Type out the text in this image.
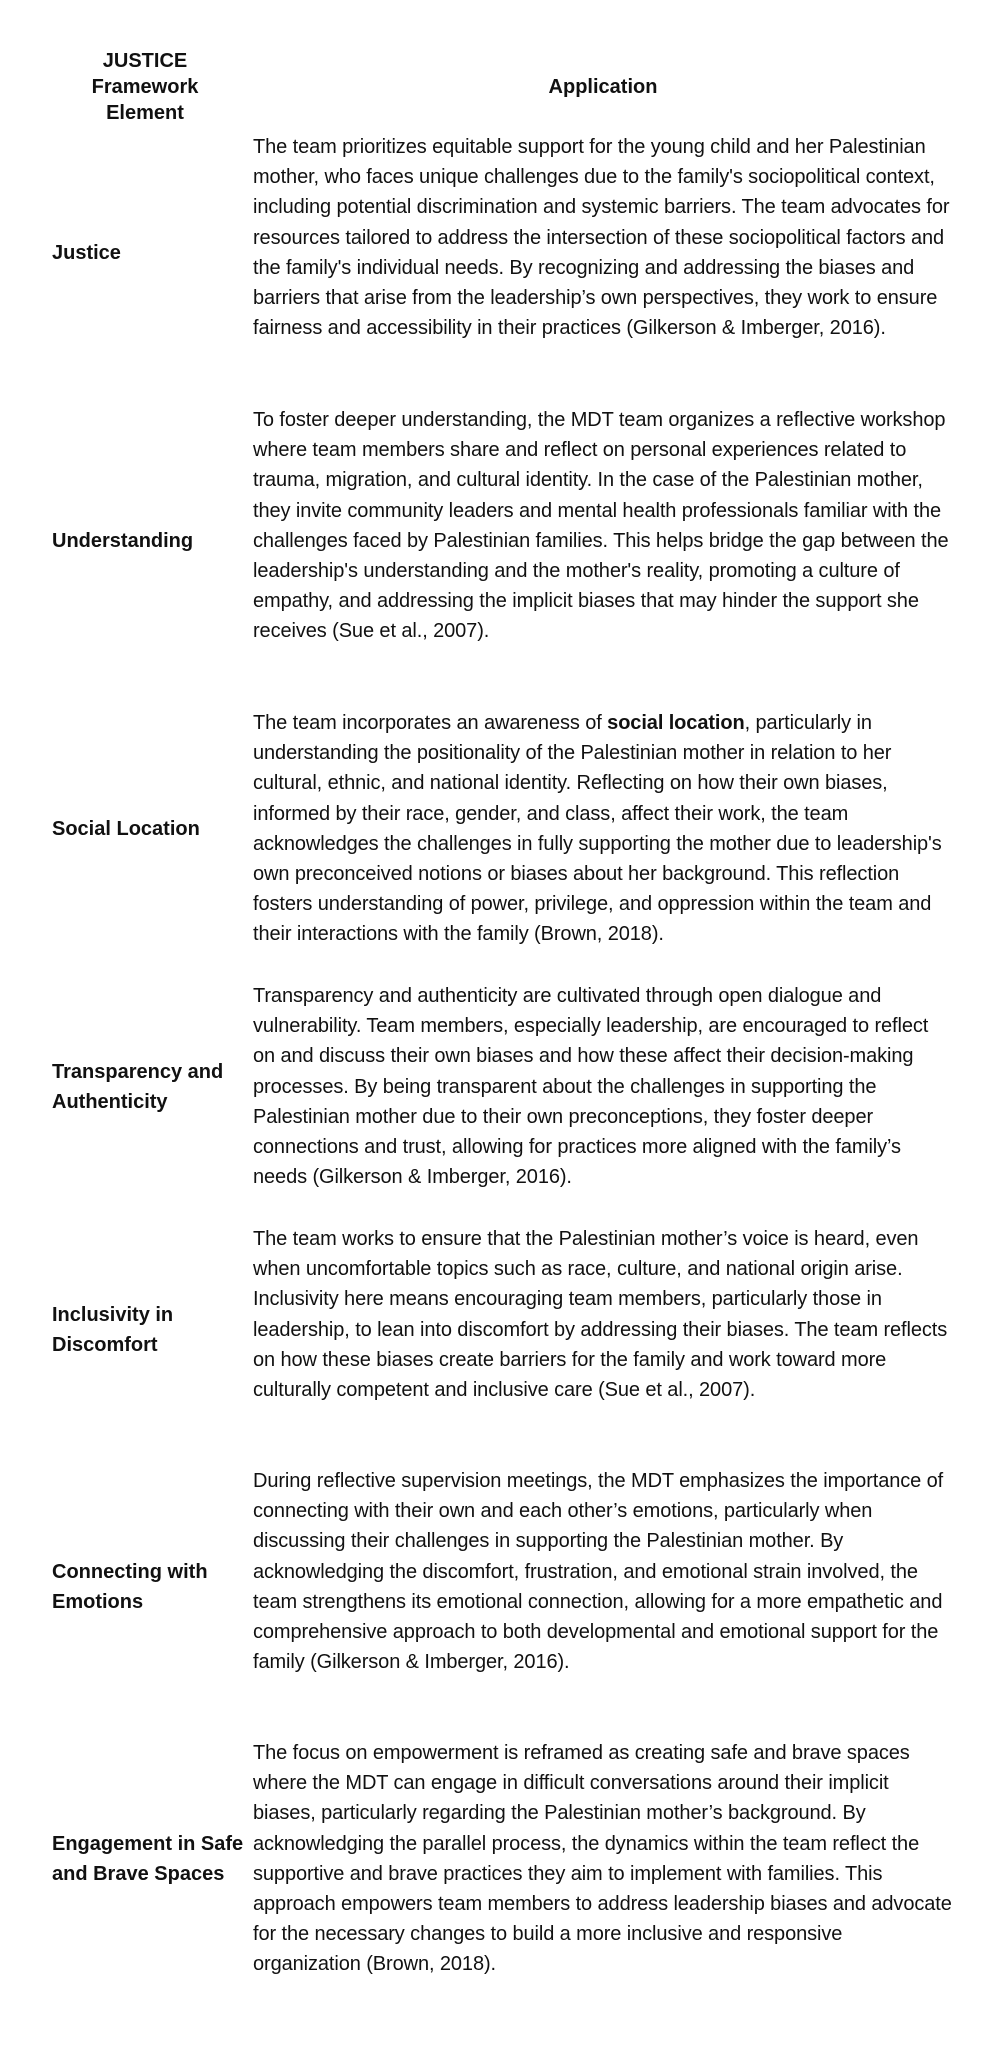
JUSTICE
Framework
Element
Application
Justice

The team prioritizes equitable support for the young child and her Palestinian mother, who faces unique challenges due to the family's sociopolitical context, including potential discrimination and systemic barriers. The team advocates for resources tailored to address the intersection of these sociopolitical factors and the family's individual needs. By recognizing and addressing the biases and barriers that arise from the leadership’s own perspectives, they work to ensure fairness and accessibility in their practices (Gilkerson & Imberger, 2016).

Understanding

To foster deeper understanding, the MDT team organizes a reflective workshop where team members share and reflect on personal experiences related to trauma, migration, and cultural identity. In the case of the Palestinian mother, they invite community leaders and mental health professionals familiar with the challenges faced by Palestinian families. This helps bridge the gap between the leadership's understanding and the mother's reality, promoting a culture of empathy, and addressing the implicit biases that may hinder the support she receives (Sue et al., 2007).

Social Location

The team incorporates an awareness of social location, particularly in understanding the positionality of the Palestinian mother in relation to her cultural, ethnic, and national identity. Reflecting on how their own biases, informed by their race, gender, and class, affect their work, the team acknowledges the challenges in fully supporting the mother due to leadership's own preconceived notions or biases about her background. This reflection fosters understanding of power, privilege, and oppression within the team and their interactions with the family (Brown, 2018).

Transparency and Authenticity

Transparency and authenticity are cultivated through open dialogue and vulnerability. Team members, especially leadership, are encouraged to reflect on and discuss their own biases and how these affect their decision-making processes. By being transparent about the challenges in supporting the Palestinian mother due to their own preconceptions, they foster deeper connections and trust, allowing for practices more aligned with the family’s needs (Gilkerson & Imberger, 2016).

Inclusivity in Discomfort

The team works to ensure that the Palestinian mother’s voice is heard, even when uncomfortable topics such as race, culture, and national origin arise. Inclusivity here means encouraging team members, particularly those in leadership, to lean into discomfort by addressing their biases. The team reflects on how these biases create barriers for the family and work toward more culturally competent and inclusive care (Sue et al., 2007).

Connecting with Emotions

During reflective supervision meetings, the MDT emphasizes the importance of connecting with their own and each other’s emotions, particularly when discussing their challenges in supporting the Palestinian mother. By acknowledging the discomfort, frustration, and emotional strain involved, the team strengthens its emotional connection, allowing for a more empathetic and comprehensive approach to both developmental and emotional support for the family (Gilkerson & Imberger, 2016).

Engagement in Safe and Brave Spaces

The focus on empowerment is reframed as creating safe and brave spaces where the MDT can engage in difficult conversations around their implicit biases, particularly regarding the Palestinian mother’s background. By acknowledging the parallel process, the dynamics within the team reflect the supportive and brave practices they aim to implement with families. This approach empowers team members to address leadership biases and advocate for the necessary changes to build a more inclusive and responsive organization (Brown, 2018).
